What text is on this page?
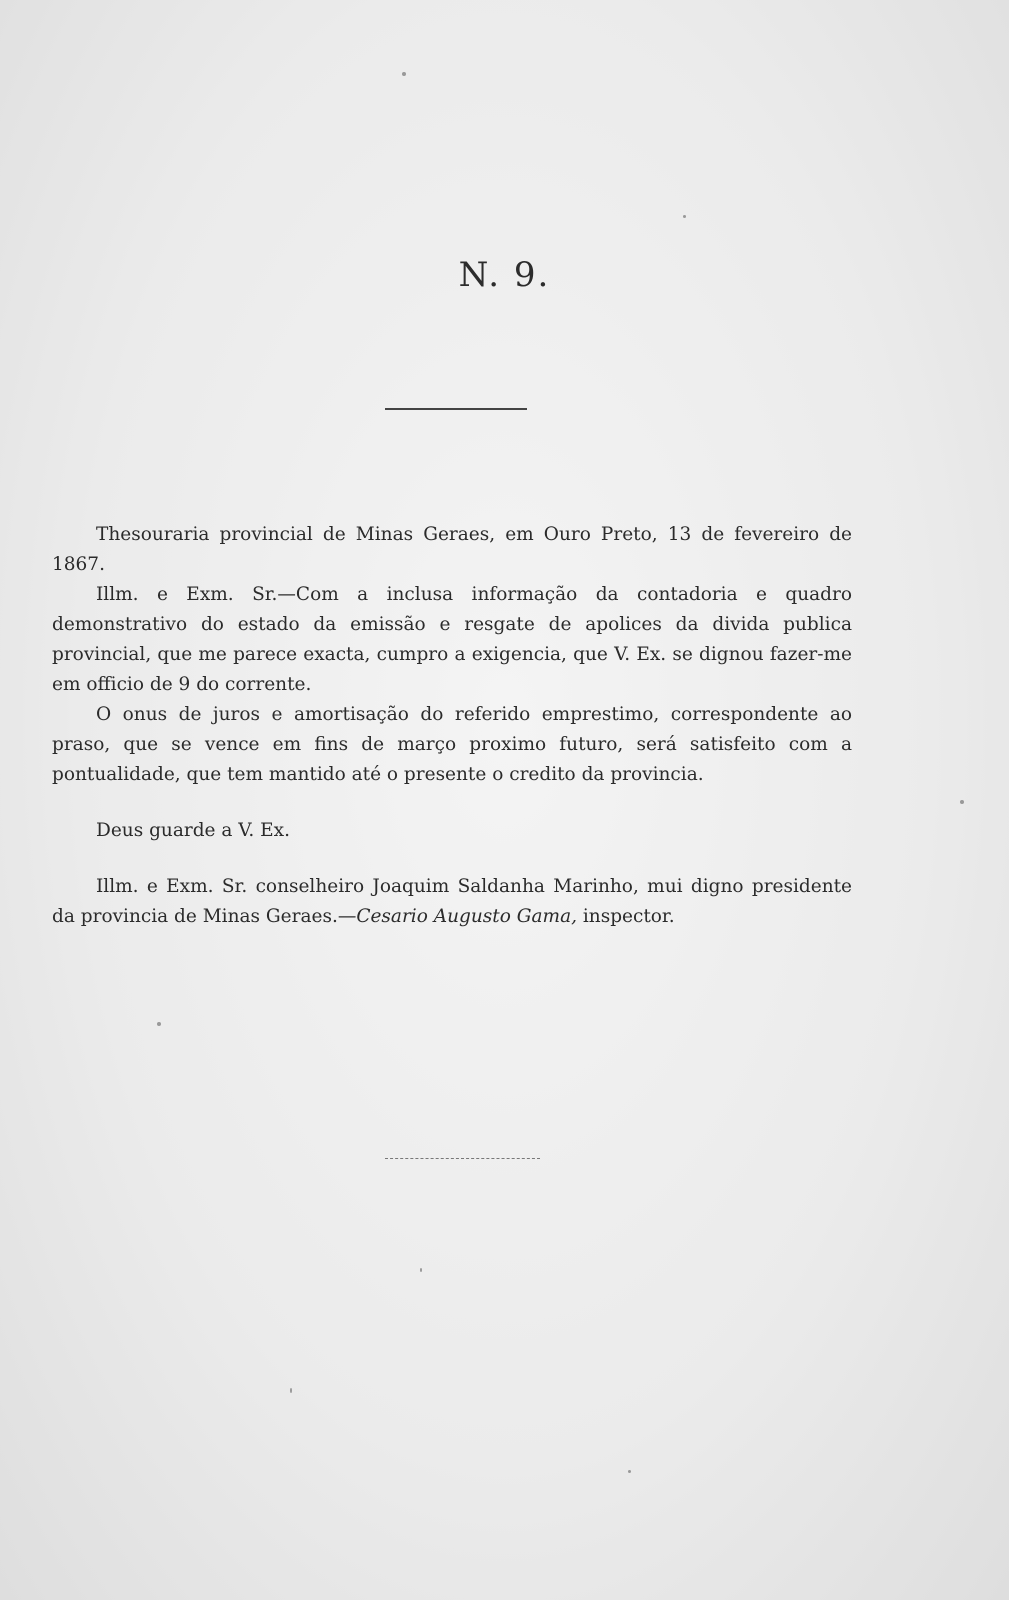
N. 9.

Thesouraria provincial de Minas Geraes, em Ouro Preto, 13 de fevereiro de 1867.

Illm. e Exm. Sr.—Com a inclusa informação da contadoria e quadro demonstrativo do estado da emissão e resgate de apolices da divida publica provincial, que me parece exacta, cumpro a exigencia, que V. Ex. se dignou fazer-me em officio de 9 do corrente.

O onus de juros e amortisação do referido emprestimo, correspondente ao praso, que se vence em fins de março proximo futuro, será satisfeito com a pontualidade, que tem mantido até o presente o credito da provincia.

Deus guarde a V. Ex.

Illm. e Exm. Sr. conselheiro Joaquim Saldanha Marinho, mui digno presidente da provincia de Minas Geraes.—Cesario Augusto Gama, inspector.
